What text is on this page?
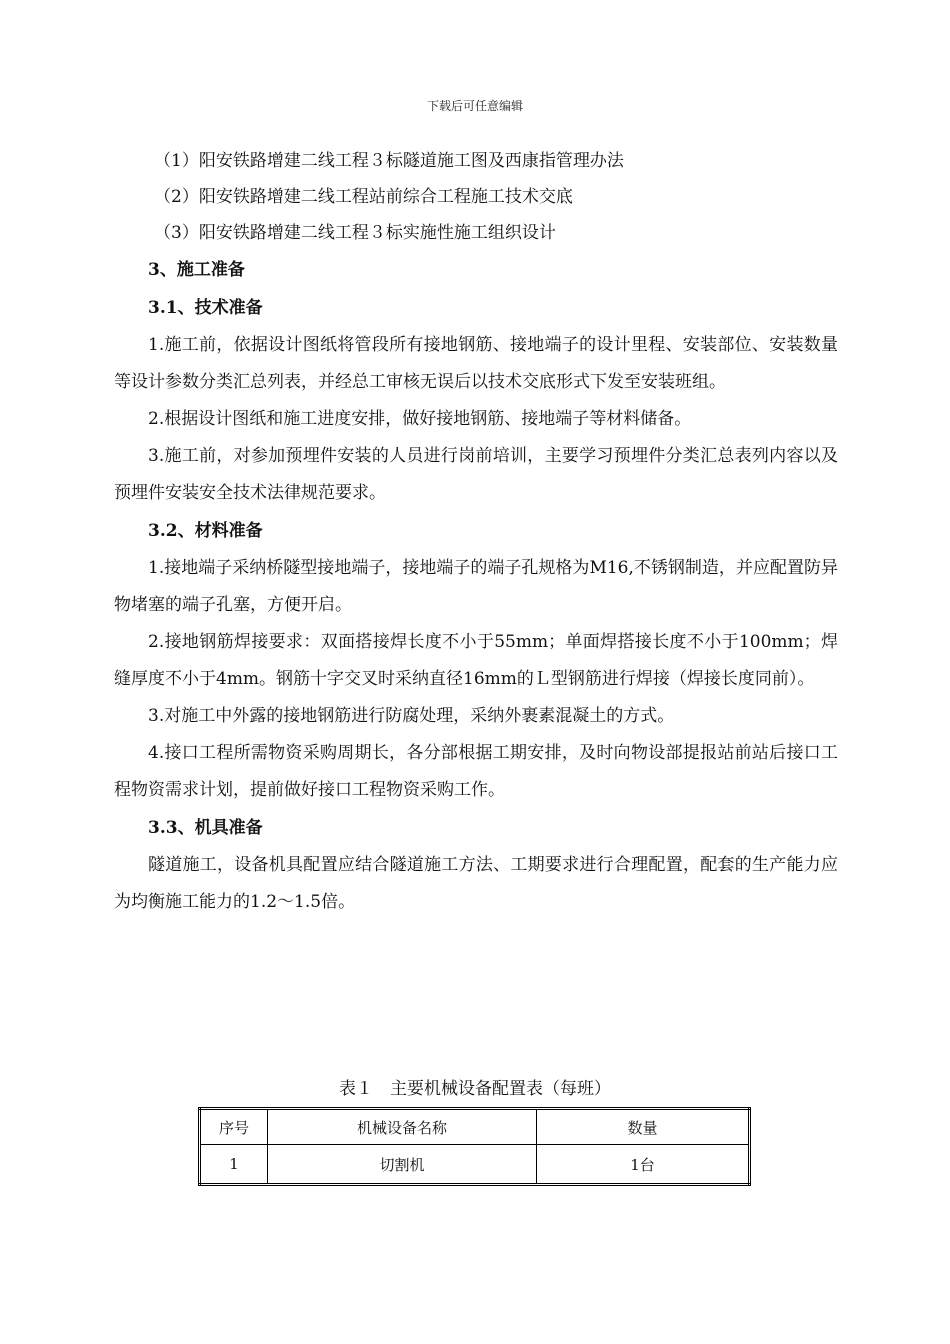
下载后可任意编辑

（1）阳安铁路增建二线工程３标隧道施工图及西康指管理办法

（2）阳安铁路增建二线工程站前综合工程施工技术交底

（3）阳安铁路增建二线工程３标实施性施工组织设计

3、施工准备

3.1、技术准备

1.施工前，依据设计图纸将管段所有接地钢筋、接地端子的设计里程、安装部位、安装数量等设计参数分类汇总列表，并经总工审核无误后以技术交底形式下发至安装班组。

2.根据设计图纸和施工进度安排，做好接地钢筋、接地端子等材料储备。

3.施工前，对参加预埋件安装的人员进行岗前培训，主要学习预埋件分类汇总表列内容以及预埋件安装安全技术法律规范要求。

3.2、材料准备

1.接地端子采纳桥隧型接地端子，接地端子的端子孔规格为M16,不锈钢制造，并应配置防异物堵塞的端子孔塞，方便开启。

2.接地钢筋焊接要求：双面搭接焊长度不小于55mm；单面焊搭接长度不小于100mm；焊缝厚度不小于4mm。钢筋十字交叉时采纳直径16mm的Ｌ型钢筋进行焊接（焊接长度同前）。

3.对施工中外露的接地钢筋进行防腐处理，采纳外裹素混凝土的方式。

4.接口工程所需物资采购周期长，各分部根据工期安排，及时向物设部提报站前站后接口工程物资需求计划，提前做好接口工程物资采购工作。

3.3、机具准备

隧道施工，设备机具配置应结合隧道施工方法、工期要求进行合理配置，配套的生产能力应为均衡施工能力的1.2～1.5倍。

表１　主要机械设备配置表（每班）
序号	机械设备名称	数量
1	切割机	1台
